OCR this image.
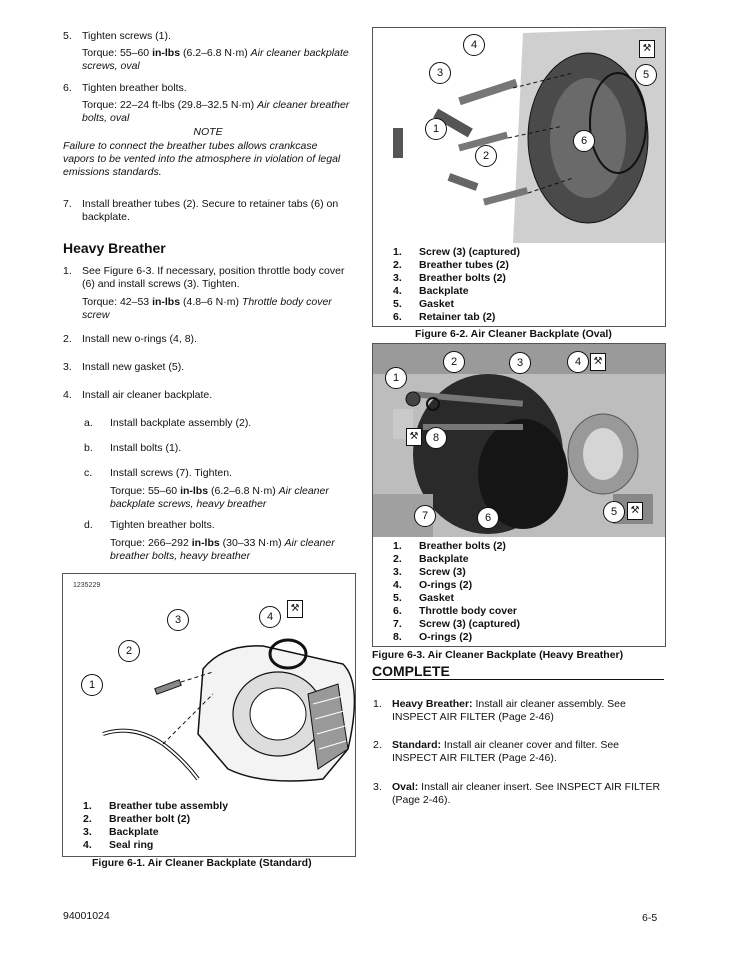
5. Tighten screws (1).
Torque: 55–60 in-lbs (6.2–6.8 N·m) Air cleaner backplate screws, oval
6. Tighten breather bolts.
Torque: 22–24 ft-lbs (29.8–32.5 N·m) Air cleaner breather bolts, oval
NOTE
Failure to connect the breather tubes allows crankcase vapors to be vented into the atmosphere in violation of legal emissions standards.
7. Install breather tubes (2). Secure to retainer tabs (6) on backplate.
Heavy Breather
1. See Figure 6-3. If necessary, position throttle body cover (6) and install screws (3). Tighten.
Torque: 42–53 in-lbs (4.8–6 N·m) Throttle body cover screw
2. Install new o-rings (4, 8).
3. Install new gasket (5).
4. Install air cleaner backplate.
a. Install backplate assembly (2).
b. Install bolts (1).
c. Install screws (7). Tighten.
Torque: 55–60 in-lbs (6.2–6.8 N·m) Air cleaner backplate screws, heavy breather
d. Tighten breather bolts.
Torque: 266–292 in-lbs (30–33 N·m) Air cleaner breather bolts, heavy breather
1235229
1
2
3	4
⚒
1. Breather tube assembly
2. Breather bolt (2)
3. Backplate
4. Seal ring
Figure 6-1. Air Cleaner Backplate (Standard)
1
2
3
4
5
6
⚒
1. Screw (3) (captured)
2. Breather tubes (2)
3. Breather bolts (2)
4. Backplate
5. Gasket
6. Retainer tab (2)
Figure 6-2. Air Cleaner Backplate (Oval)
1
2	3	4
5
6
7
8
⚒
⚒
⚒
1. Breather bolts (2)
2. Backplate
3. Screw (3)
4. O-rings (2)
5. Gasket
6. Throttle body cover
7. Screw (3) (captured)
8. O-rings (2)
Figure 6-3. Air Cleaner Backplate (Heavy Breather)
COMPLETE
1. Heavy Breather: Install air cleaner assembly. See INSPECT AIR FILTER (Page 2-46)
2. Standard: Install air cleaner cover and filter. See INSPECT AIR FILTER (Page 2-46).
3. Oval: Install air cleaner insert. See INSPECT AIR FILTER (Page 2-46).
94001024	6-5
